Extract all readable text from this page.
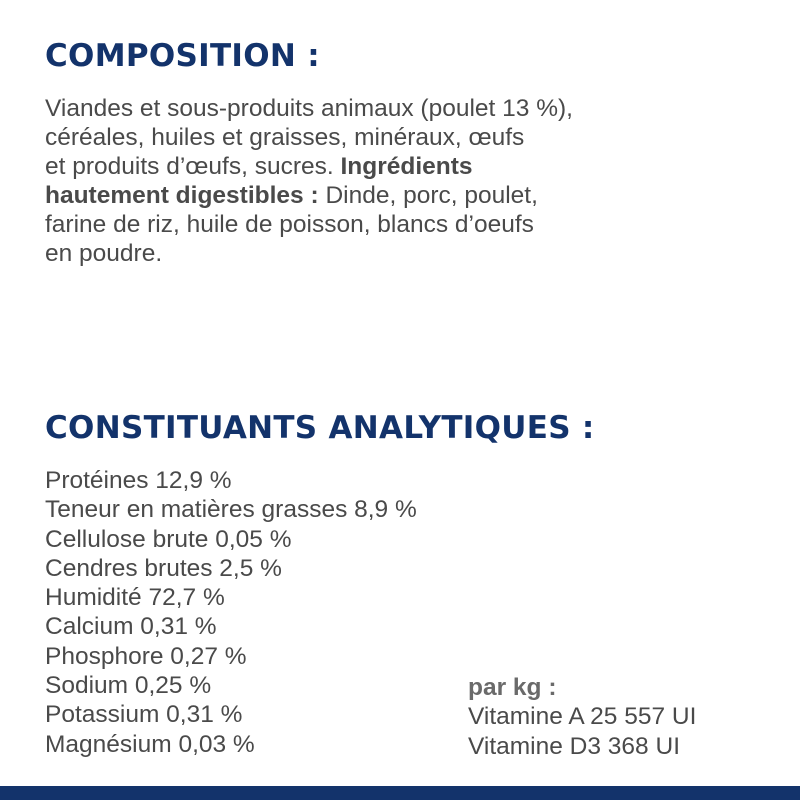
COMPOSITION :

Viandes et sous-produits animaux (poulet 13 %),
céréales, huiles et graisses, minéraux, œufs
et produits d’œufs, sucres. Ingrédients
hautement digestibles : Dinde, porc, poulet,
farine de riz, huile de poisson, blancs d’oeufs
en poudre.

CONSTITUANTS ANALYTIQUES :
Protéines 12,9 %
Teneur en matières grasses 8,9 %
Cellulose brute 0,05 %
Cendres brutes 2,5 %
Humidité 72,7 %
Calcium 0,31 %
Phosphore 0,27 %
Sodium 0,25 %
Potassium 0,31 %
Magnésium 0,03 %
par kg :
Vitamine A 25 557 UI
Vitamine D3 368 UI
